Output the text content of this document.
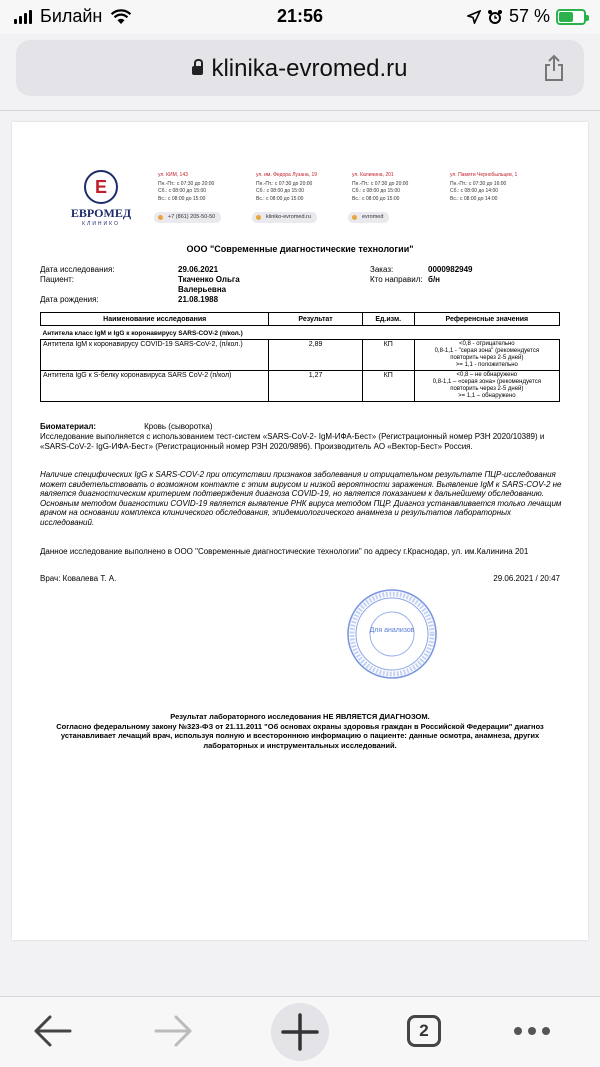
Билайн	21:56	57 %
klinika-evromed.ru
E
ЕВРОМЕД
КЛИНИКО
ул. КИМ, 143
Пн.-Пт.: с 07:30 до 20:00
Сб.: с 08:00 до 15:00
Вс.: с 08:00 до 15:00
ул. им. Федора Лузана, 19
Пн.-Пт.: с 07:30 до 20:00
Сб.: с 08:00 до 15:00
Вс.: с 08:00 до 15:00
ул. Калинина, 201
Пн.-Пт.: с 07:30 до 20:00
Сб.: с 08:00 до 15:00
Вс.: с 08:00 до 15:00
ул. Памяти Чернобыльцев, 1
Пн.-Пт.: с 07:30 до 16:00
Сб.: с 08:00 до 14:00
Вс.: с 08:00 до 14:00
+7 (861) 205-50-50	kliniko-evromed.ru	evromed
ООО "Современные диагностические технологии"
Дата исследования:	29.06.2021
Пациент:	Ткаченко Ольга
Валерьевна
Дата рождения:	21.08.1988
Заказ:	0000982949
Кто направил: б/н
Наименование исследования	Результат	Ед.изм.	Референсные значения
Антитела класс IgM и IgG к коронавирусу SARS-COV-2 (п/кол.)			
Антитела IgM к коронавирусу COVID-19 SARS-CoV-2, (п/кол.)	2,89	КП	<0,8 - отрицательно
0,8-1,1 - "серая зона" (рекомендуется
повторить через 2-5 дней)
>= 1,1 - положительно

Антитела IgG к S-белку коронавируса SARS CoV-2 (п/кол)	1,27	КП	<0,8 – не обнаружено
0,8-1,1 – «серая зона» (рекомендуется
повторить через 2-5 дней)
>= 1,1 – обнаружено
Биоматериал:	Кровь (сыворотка)
Исследование выполняется с использованием тест-систем «SARS-CoV-2- IgM-ИФА-Бест» (Регистрационный номер РЗН 2020/10389) и «SARS-CoV-2- IgG-ИФА-Бест» (Регистрационный номер РЗН 2020/9896). Производитель АО «Вектор-Бест» Россия.
Наличие специфических IgG к SARS-COV-2 при отсутствии признаков заболевания и отрицательном результате ПЦР-исследования может свидетельствовать о возможном контакте с этим вирусом и низкой вероятности заражения. Выявление IgM к SARS-COV-2 не является диагностическим критерием подтверждения диагноза COVID-19, но является показанием к дальнейшему обследованию. Основным методом диагностики COVID-19 является выявление РНК вируса методом ПЦР. Диагноз устанавливается только лечащим врачом на основании комплекса клинического обследования, эпидемиологического анамнеза и результатов лабораторных исследований.
Данное исследование выполнено в ООО "Современные диагностические технологии" по адресу г.Краснодар, ул. им.Калинина 201
Врач: Ковалева Т. А.	29.06.2021 / 20:47
Для анализов
Результат лабораторного исследования НЕ ЯВЛЯЕТСЯ ДИАГНОЗОМ.
Согласно федеральному закону №323-ФЗ от 21.11.2011 "Об основах охраны здоровья граждан в Российской Федерации" диагноз устанавливает лечащий врач, используя полную и всестороннюю информацию о пациенте: данные осмотра, анамнеза, других лабораторных и инструментальных исследований.
2
